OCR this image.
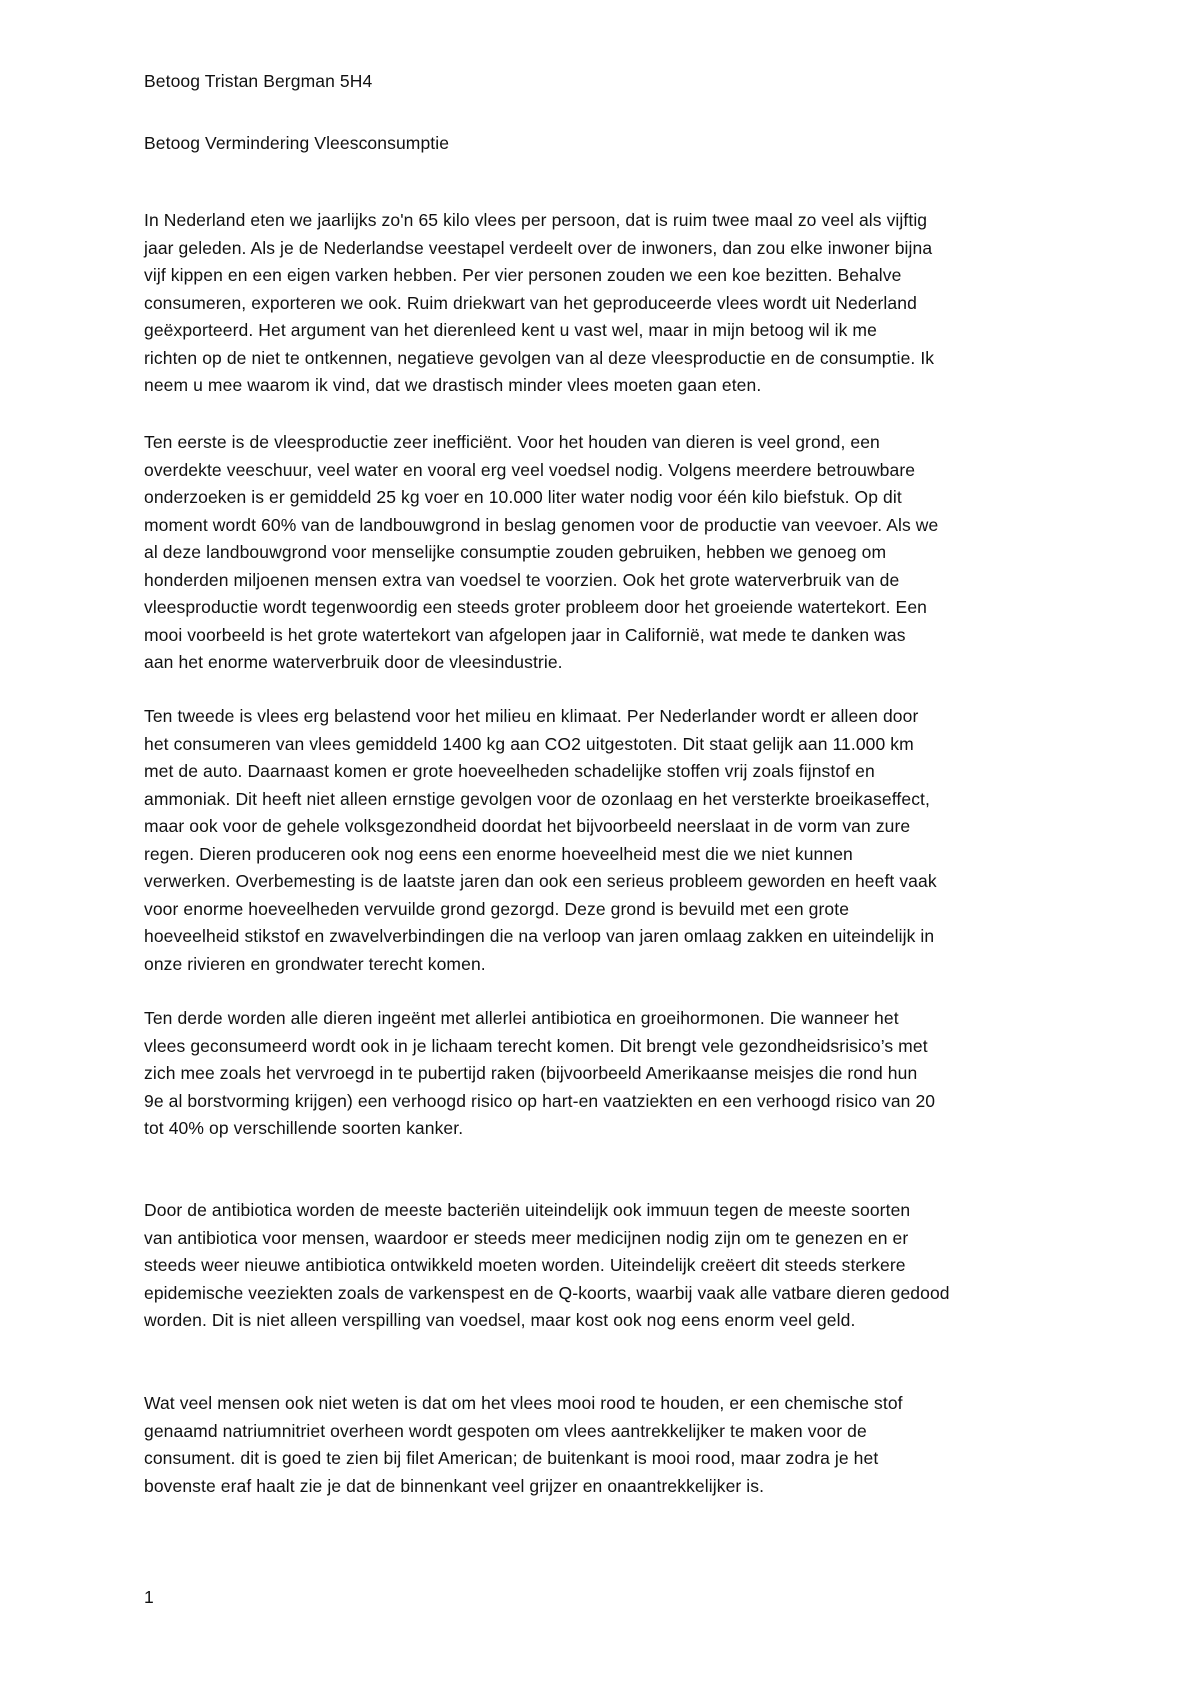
Betoog Tristan Bergman 5H4
Betoog Vermindering Vleesconsumptie
In Nederland eten we jaarlijks zo'n 65 kilo vlees per persoon, dat is ruim twee maal zo veel als vijftig
jaar geleden. Als je de Nederlandse veestapel verdeelt over de inwoners, dan zou elke inwoner bijna
vijf kippen en een eigen varken hebben. Per vier personen zouden we een koe bezitten. Behalve
consumeren, exporteren we ook. Ruim driekwart van het geproduceerde vlees wordt uit Nederland
geëxporteerd. Het argument van het dierenleed kent u vast wel, maar in mijn betoog wil ik me
richten op de niet te ontkennen, negatieve gevolgen van al deze vleesproductie en de consumptie. Ik
neem u mee waarom ik vind, dat we drastisch minder vlees moeten gaan eten.
Ten eerste is de vleesproductie zeer inefficiënt. Voor het houden van dieren is veel grond, een
overdekte veeschuur, veel water en vooral erg veel voedsel nodig. Volgens meerdere betrouwbare
onderzoeken is er gemiddeld 25 kg voer en 10.000 liter water nodig voor één kilo biefstuk. Op dit
moment wordt 60% van de landbouwgrond in beslag genomen voor de productie van veevoer. Als we
al deze landbouwgrond voor menselijke consumptie zouden gebruiken, hebben we genoeg om
honderden miljoenen mensen extra van voedsel te voorzien. Ook het grote waterverbruik van de
vleesproductie wordt tegenwoordig een steeds groter probleem door het groeiende watertekort. Een
mooi voorbeeld is het grote watertekort van afgelopen jaar in Californië, wat mede te danken was
aan het enorme waterverbruik door de vleesindustrie.
Ten tweede is vlees erg belastend voor het milieu en klimaat. Per Nederlander wordt er alleen door
het consumeren van vlees gemiddeld 1400 kg aan CO2 uitgestoten. Dit staat gelijk aan 11.000 km
met de auto. Daarnaast komen er grote hoeveelheden schadelijke stoffen vrij zoals fijnstof en
ammoniak. Dit heeft niet alleen ernstige gevolgen voor de ozonlaag en het versterkte broeikaseffect,
maar ook voor de gehele volksgezondheid doordat het bijvoorbeeld neerslaat in de vorm van zure
regen. Dieren produceren ook nog eens een enorme hoeveelheid mest die we niet kunnen
verwerken. Overbemesting is de laatste jaren dan ook een serieus probleem geworden en heeft vaak
voor enorme hoeveelheden vervuilde grond gezorgd. Deze grond is bevuild met een grote
hoeveelheid stikstof en zwavelverbindingen die na verloop van jaren omlaag zakken en uiteindelijk in
onze rivieren en grondwater terecht komen.
Ten derde worden alle dieren ingeënt met allerlei antibiotica en groeihormonen. Die wanneer het
vlees geconsumeerd wordt ook in je lichaam terecht komen. Dit brengt vele gezondheidsrisico’s met
zich mee zoals het vervroegd in te pubertijd raken (bijvoorbeeld Amerikaanse meisjes die rond hun
9e al borstvorming krijgen) een verhoogd risico op hart-en vaatziekten en een verhoogd risico van 20
tot 40% op verschillende soorten kanker.
Door de antibiotica worden de meeste bacteriën uiteindelijk ook immuun tegen de meeste soorten
van antibiotica voor mensen, waardoor er steeds meer medicijnen nodig zijn om te genezen en er
steeds weer nieuwe antibiotica ontwikkeld moeten worden. Uiteindelijk creëert dit steeds sterkere
epidemische veeziekten zoals de varkenspest en de Q-koorts, waarbij vaak alle vatbare dieren gedood
worden. Dit is niet alleen verspilling van voedsel, maar kost ook nog eens enorm veel geld.
Wat veel mensen ook niet weten is dat om het vlees mooi rood te houden, er een chemische stof
genaamd natriumnitriet overheen wordt gespoten om vlees aantrekkelijker te maken voor de
consument. dit is goed te zien bij filet American; de buitenkant is mooi rood, maar zodra je het
bovenste eraf haalt zie je dat de binnenkant veel grijzer en onaantrekkelijker is.
1
